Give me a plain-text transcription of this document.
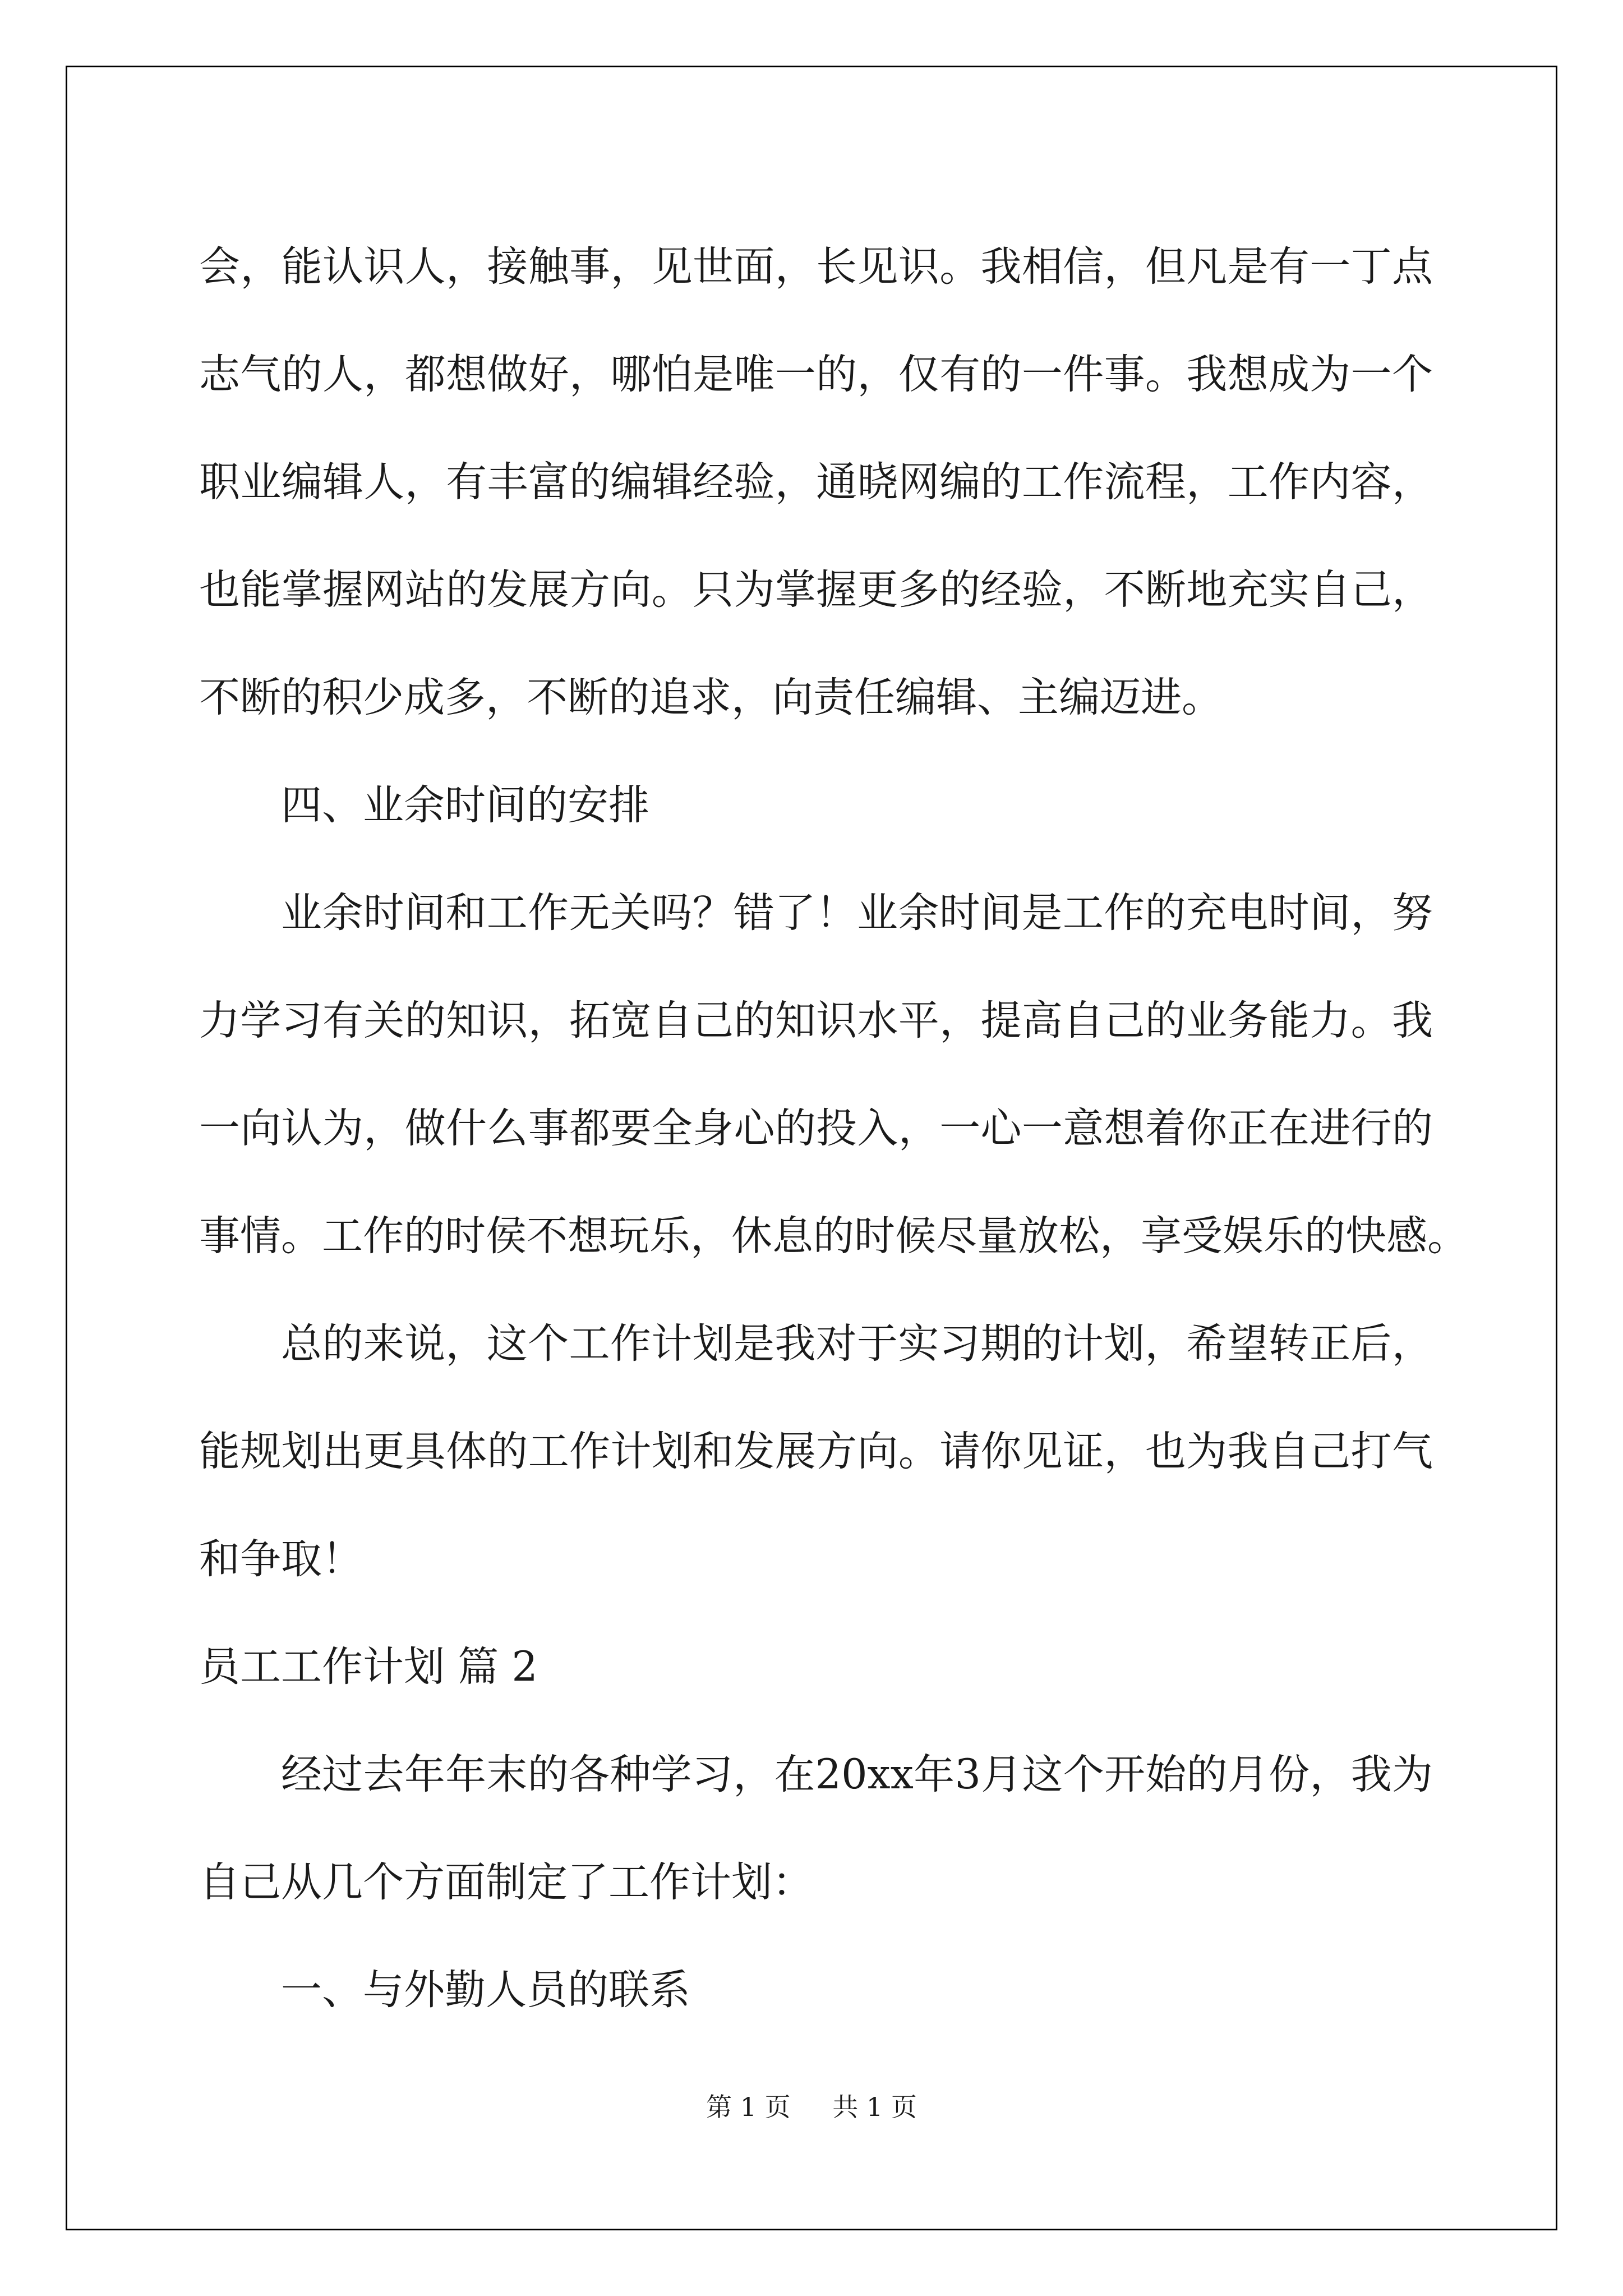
会 ， 能 认 识 人 ， 接 触 事 ， 见 世 面 ， 长 见 识 。 我 相 信 ， 但 凡 是 有 一 丁 点
志 气 的 人 ， 都 想 做 好 ， 哪 怕 是 唯 一 的 ， 仅 有 的 一 件 事 。 我 想 成 为 一 个
职 业 编 辑 人 ， 有 丰 富 的 编 辑 经 验 ， 通 晓 网 编 的 工 作 流 程 ， 工 作 内 容 ，
也 能 掌 握 网 站 的 发 展 方 向 。 只 为 掌 握 更 多 的 经 验 ， 不 断 地 充 实 自 己 ，
不断的积少成多，不断的追求，向责任编辑、主编迈进。
四、业余时间的安排
业 余 时 间 和 工 作 无 关 吗 ？ 错 了 ！ 业 余 时 间 是 工 作 的 充 电 时 间 ， 努
力 学 习 有 关 的 知 识 ， 拓 宽 自 己 的 知 识 水 平 ， 提 高 自 己 的 业 务 能 力 。 我
一 向 认 为 ， 做 什 么 事 都 要 全 身 心 的 投 入 ， 一 心 一 意 想 着 你 正 在 进 行 的
事 情 。 工 作 的 时 侯 不 想 玩 乐 ， 休 息 的 时 候 尽 量 放 松 ， 享 受 娱 乐 的 快 感 。
总 的 来 说 ， 这 个 工 作 计 划 是 我 对 于 实 习 期 的 计 划 ， 希 望 转 正 后 ，
能 规 划 出 更 具 体 的 工 作 计 划 和 发 展 方 向 。 请 你 见 证 ， 也 为 我 自 己 打 气
和争取！
员工工作计划 篇 2
经 过 去 年 年 末 的 各 种 学 习 ， 在 20xx 年 3 月 这 个 开 始 的 月 份 ， 我 为
自己从几个方面制定了工作计划：
一、与外勤人员的联系
第 1 页 共 1 页
